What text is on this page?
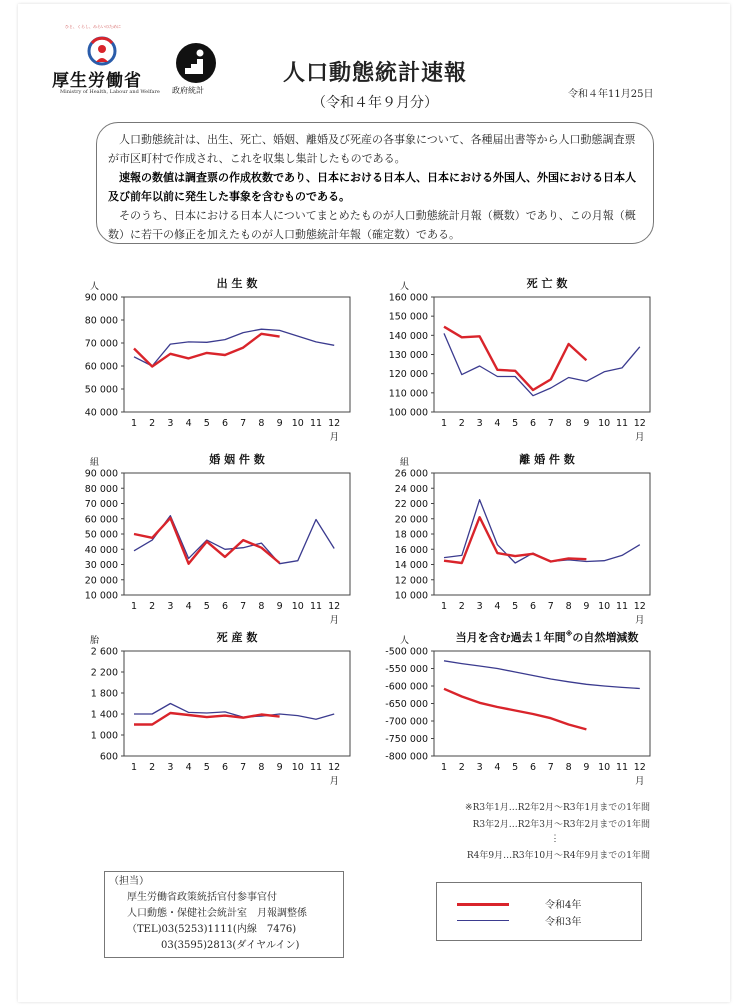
ひと、くらし、みらいのために
厚生労働省
Ministry of Health, Labour and Welfare 政府統計
人口動態統計速報
（令和４年９月分）
令和４年11月25日
人口動態統計は、出生、死亡、婚姻、離婚及び死産の各事象について、各種届出書等から人口動態調査票が市区町村で作成され、これを収集し集計したものである。
速報の数値は調査票の作成枚数であり、日本における日本人、日本における外国人、外国における日本人及び前年以前に発生した事象を含むものである。
そのうち、日本における日本人についてまとめたものが人口動態統計月報（概数）であり、この月報（概数）に若干の修正を加えたものが人口動態統計年報（確定数）である。
40 000
50 000
60 000
70 000
80 000
90 000
1 2 3 4 5 6 7 8 9 10 11 12
月
人	出 生 数
100 000
110 000
120 000
130 000
140 000
150 000
160 000
1 2 3 4 5 6 7 8 9 10 11 12
月
人	死 亡 数
10 000
20 000
30 000
40 000
50 000
60 000
70 000
80 000
90 000
1 2 3 4 5 6 7 8 9 10 11 12
月
組	婚 姻 件 数
10 000
12 000
14 000
16 000
18 000
20 000
22 000
24 000
26 000
1 2 3 4 5 6 7 8 9 10 11 12
月
組	離 婚 件 数
600
1 000
1 400
1 800
2 200
2 600
1 2 3 4 5 6 7 8 9 10 11 12
月
胎	死 産 数
-800 000
-750 000
-700 000
-650 000
-600 000
-550 000
-500 000
1 2 3 4 5 6 7 8 9 10 11 12
月
人	当月を含む過去１年間※の自然増減数
※R3年1月…R2年2月～R3年1月までの1年間
R3年2月…R2年3月～R3年2月までの1年間
⋮
R4年9月…R3年10月～R4年9月までの1年間
（担当）
厚生労働省政策統括官付参事官付
人口動態・保健社会統計室　月報調整係
（TEL)03(5253)1111(内線　7476)
03(3595)2813(ダイヤルイン)
令和4年
令和3年
